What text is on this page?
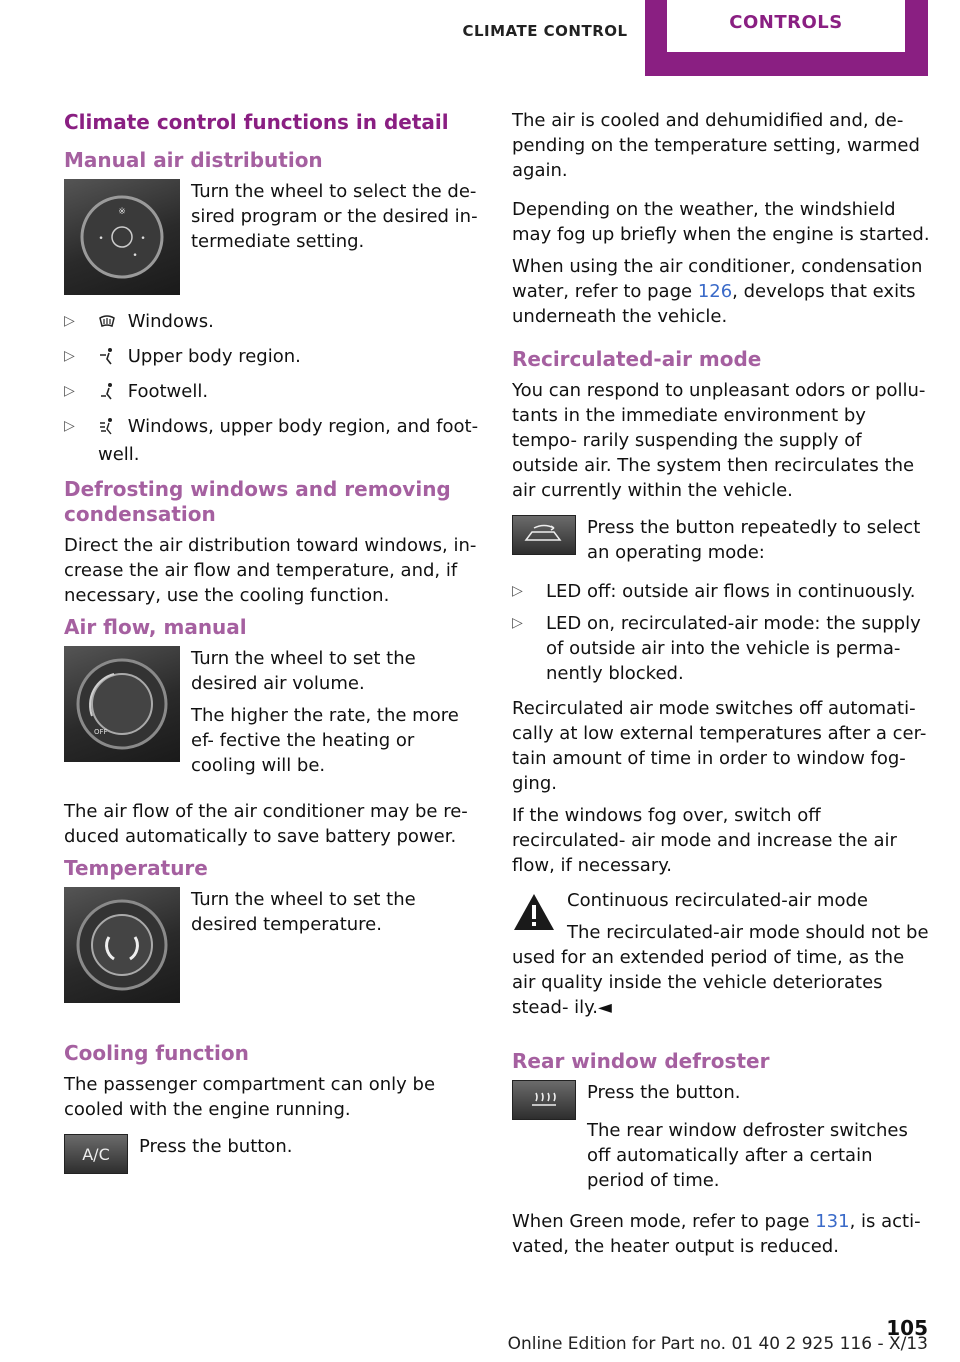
CLIMATE CONTROL	CONTROLS
Climate control functions in detail
Manual air distribution
※
•	•
•
Turn the wheel to select the de- sired program or the desired in- termediate setting.
▷	Windows.
▷	Upper body region.
▷	Footwell.
▷	Windows, upper body region, and foot- well.
Defrosting windows and removing condensation

Direct the air distribution toward windows, in- crease the air flow and temperature, and, if necessary, use the cooling function.

Air flow, manual
OFF

Turn the wheel to set the desired air volume.

The higher the rate, the more ef- fective the heating or cooling will be.

The air flow of the air conditioner may be re- duced automatically to save battery power.

Temperature
Turn the wheel to set the desired temperature.
Cooling function

The passenger compartment can only be cooled with the engine running.

A/C Press the button.

The air is cooled and dehumidified and, de- pending on the temperature setting, warmed again.

Depending on the weather, the windshield may fog up briefly when the engine is started.

When using the air conditioner, condensation water, refer to page 126, develops that exits underneath the vehicle.

Recirculated-air mode

You can respond to unpleasant odors or pollu- tants in the immediate environment by tempo- rarily suspending the supply of outside air. The system then recirculates the air currently within the vehicle.

Press the button repeatedly to select an operating mode:
▷ LED off: outside air flows in continuously.
▷ LED on, recirculated-air mode: the supply of outside air into the vehicle is perma- nently blocked.

Recirculated air mode switches off automati- cally at low external temperatures after a cer- tain amount of time in order to window fog- ging.

If the windows fog over, switch off recirculated- air mode and increase the air flow, if necessary.

Continuous recirculated-air mode

The recirculated-air mode should not be used for an extended period of time, as the air quality inside the vehicle deteriorates stead- ily.◄

Rear window defroster
Press the button.

The rear window defroster switches off automatically after a certain period of time.

When Green mode, refer to page 131, is acti- vated, the heater output is reduced.

105
Online Edition for Part no. 01 40 2 925 116 - X/13
